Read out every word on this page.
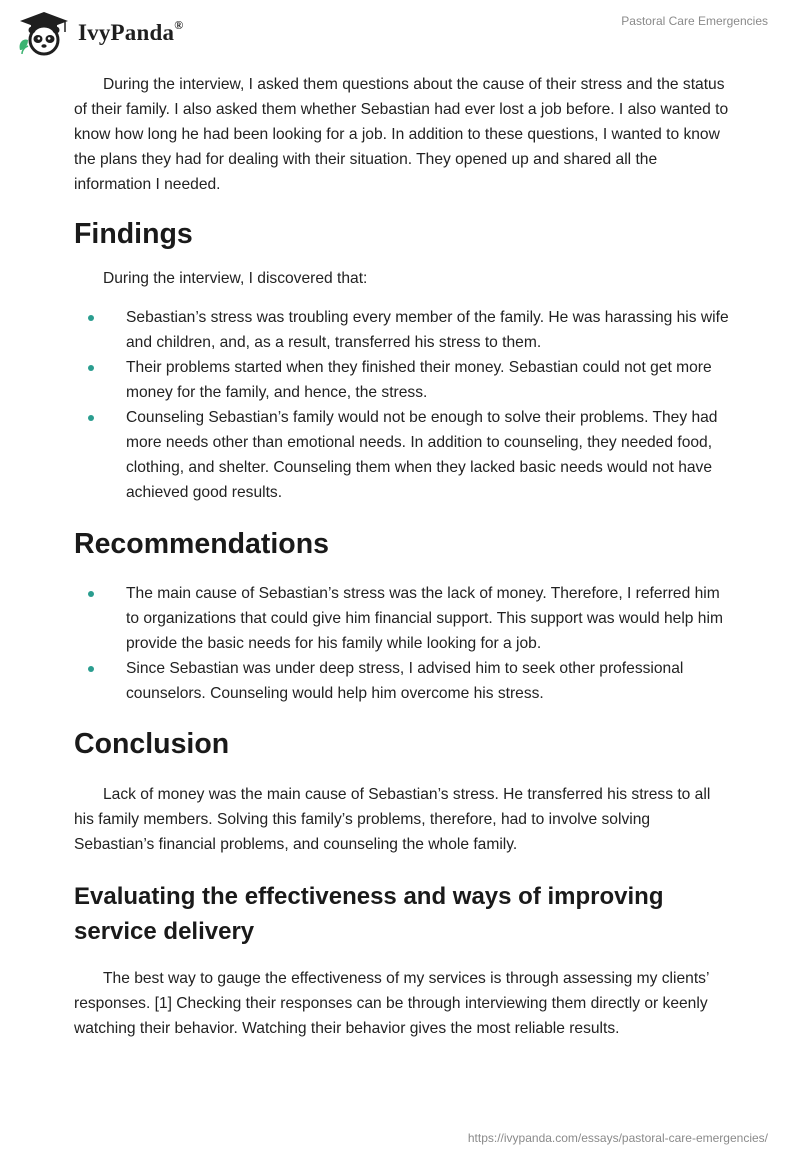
IvyPanda®	Pastoral Care Emergencies

During the interview, I asked them questions about the cause of their stress and the status of their family. I also asked them whether Sebastian had ever lost a job before. I also wanted to know how long he had been looking for a job. In addition to these questions, I wanted to know the plans they had for dealing with their situation. They opened up and shared all the information I needed.

Findings

During the interview, I discovered that:

Sebastian’s stress was troubling every member of the family. He was harassing his wife and children, and, as a result, transferred his stress to them.
Their problems started when they finished their money. Sebastian could not get more money for the family, and hence, the stress.
Counseling Sebastian’s family would not be enough to solve their problems. They had more needs other than emotional needs. In addition to counseling, they needed food, clothing, and shelter. Counseling them when they lacked basic needs would not have achieved good results.
Recommendations
The main cause of Sebastian’s stress was the lack of money. Therefore, I referred him to organizations that could give him financial support. This support was would help him provide the basic needs for his family while looking for a job.
Since Sebastian was under deep stress, I advised him to seek other professional counselors. Counseling would help him overcome his stress.
Conclusion

Lack of money was the main cause of Sebastian’s stress. He transferred his stress to all his family members. Solving this family’s problems, therefore, had to involve solving Sebastian’s financial problems, and counseling the whole family.

Evaluating the effectiveness and ways of improving service delivery

The best way to gauge the effectiveness of my services is through assessing my clients’ responses. [1] Checking their responses can be through interviewing them directly or keenly watching their behavior. Watching their behavior gives the most reliable results.

https://ivypanda.com/essays/pastoral-care-emergencies/
